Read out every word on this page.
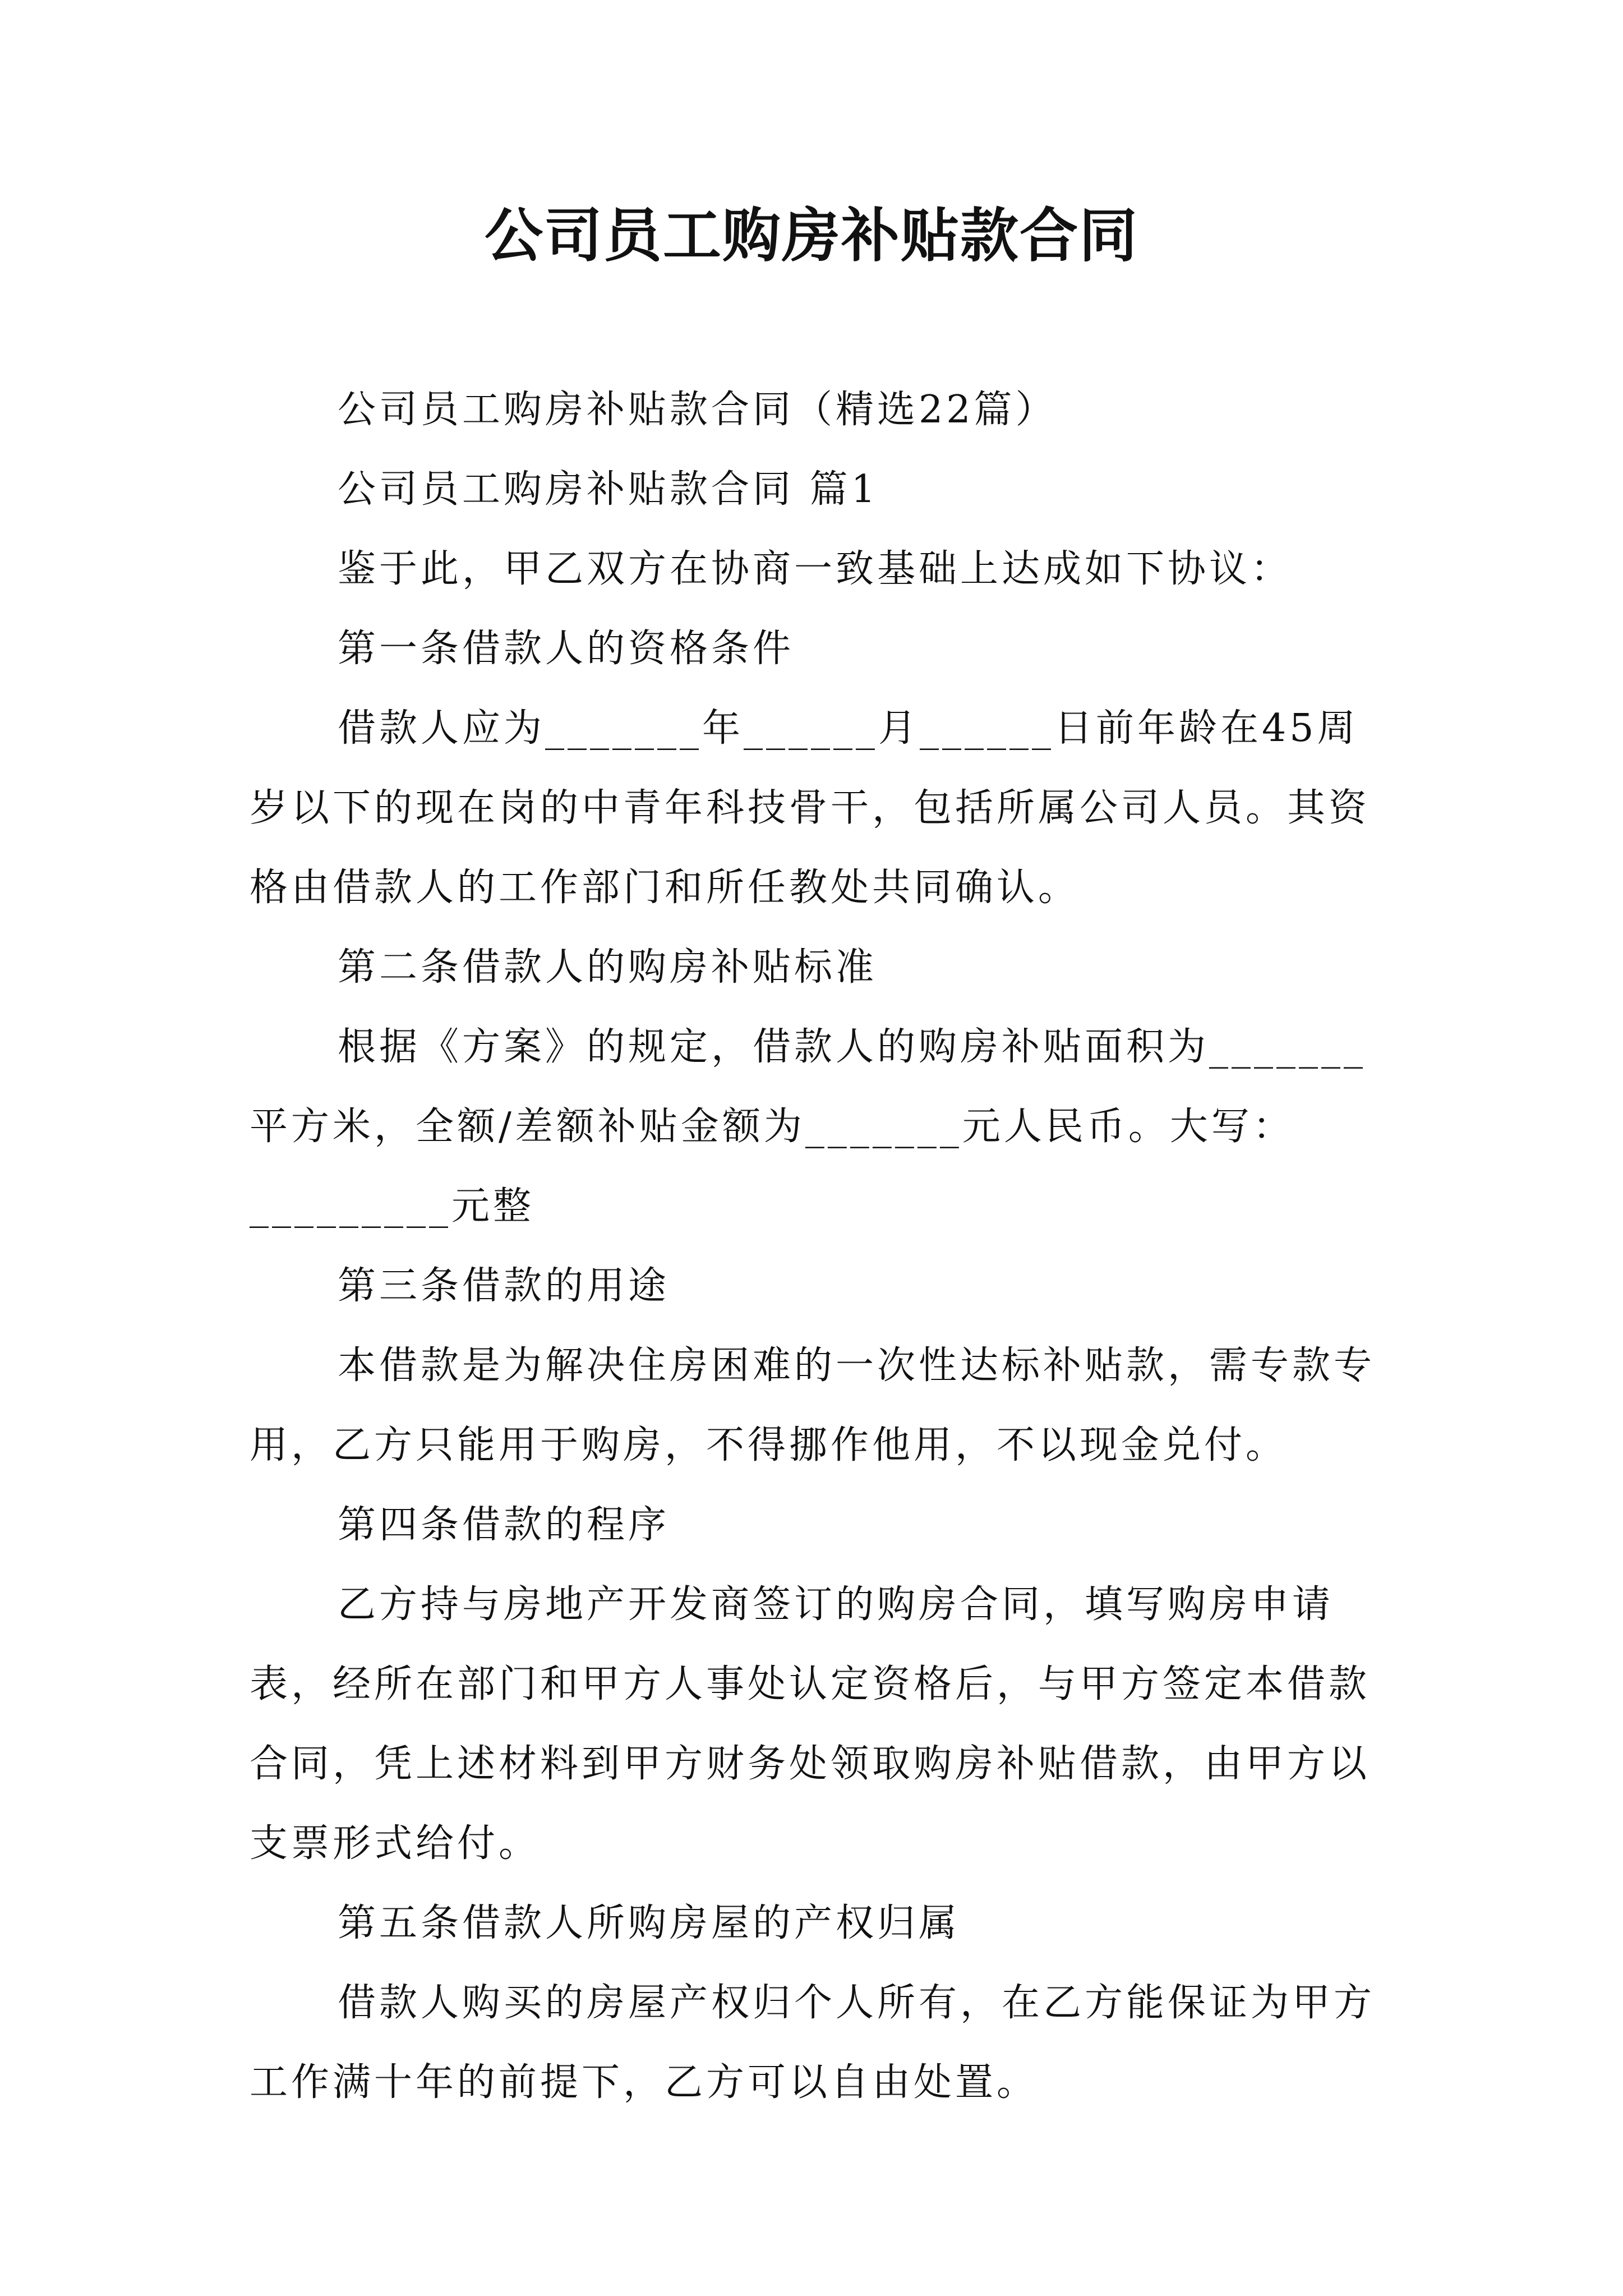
公司员工购房补贴款合同

公司员工购房补贴款合同（精选22篇）

公司员工购房补贴款合同 篇1

鉴于此，甲乙双方在协商一致基础上达成如下协议：

第一条借款人的资格条件

借款人应为_______年______月______日前年龄在45周岁以下的现在岗的中青年科技骨干，包括所属公司人员。其资格由借款人的工作部门和所任教处共同确认。

第二条借款人的购房补贴标准

根据《方案》的规定，借款人的购房补贴面积为_______平方米，全额/差额补贴金额为_______元人民币。大写：

_________元整

第三条借款的用途

本借款是为解决住房困难的一次性达标补贴款，需专款专用，乙方只能用于购房，不得挪作他用，不以现金兑付。

第四条借款的程序

乙方持与房地产开发商签订的购房合同，填写购房申请表，经所在部门和甲方人事处认定资格后，与甲方签定本借款合同，凭上述材料到甲方财务处领取购房补贴借款，由甲方以支票形式给付。

第五条借款人所购房屋的产权归属

借款人购买的房屋产权归个人所有，在乙方能保证为甲方工作满十年的前提下，乙方可以自由处置。
